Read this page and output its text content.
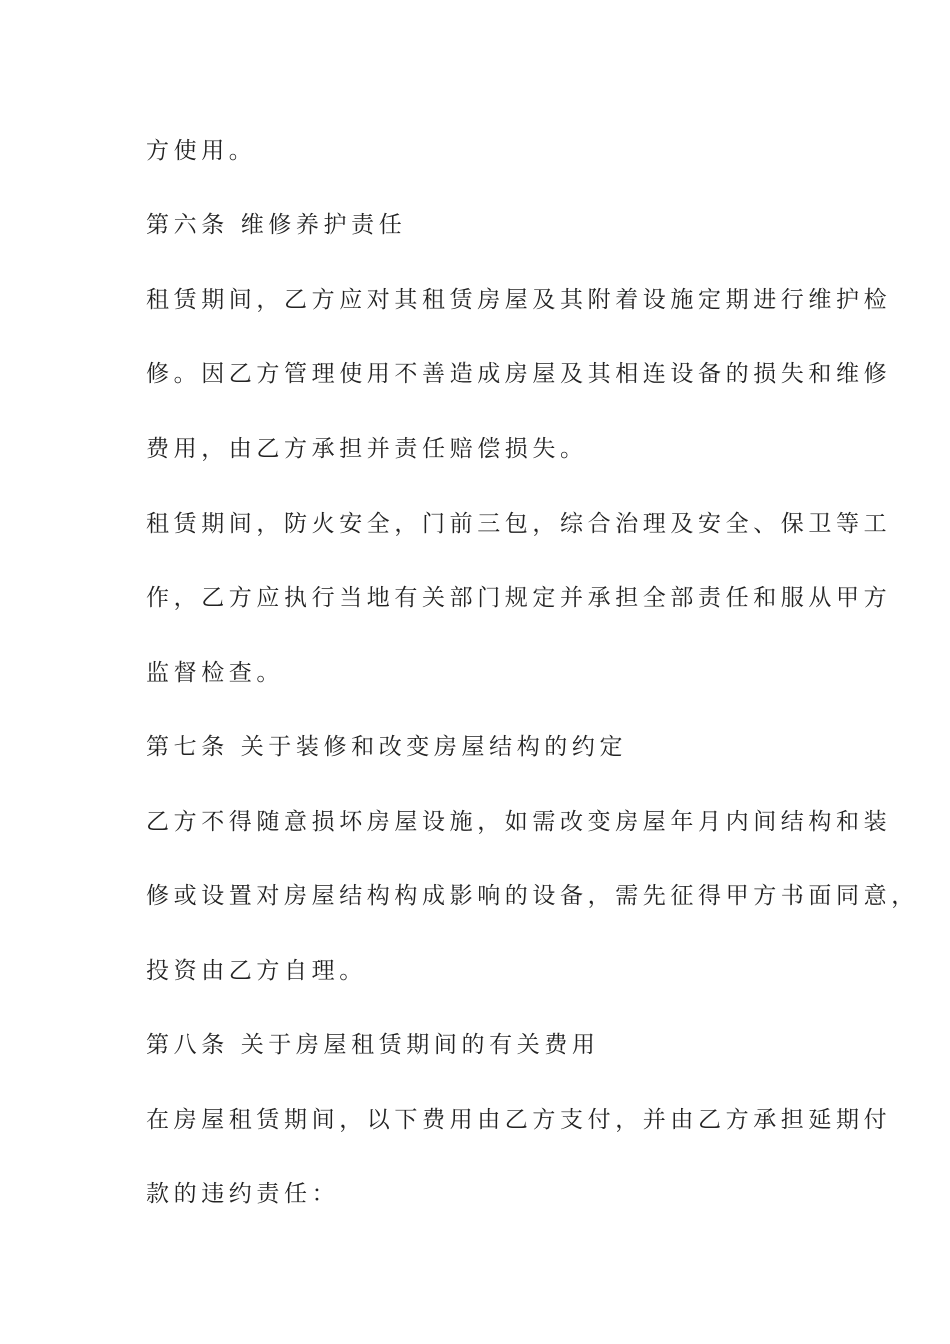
方使用。

第六条 维修养护责任

租赁期间，乙方应对其租赁房屋及其附着设施定期进行维护检

修。因乙方管理使用不善造成房屋及其相连设备的损失和维修

费用，由乙方承担并责任赔偿损失。

租赁期间，防火安全，门前三包，综合治理及安全、保卫等工

作，乙方应执行当地有关部门规定并承担全部责任和服从甲方

监督检查。

第七条 关于装修和改变房屋结构的约定

乙方不得随意损坏房屋设施，如需改变房屋年月内间结构和装

修或设置对房屋结构构成影响的设备，需先征得甲方书面同意，

投资由乙方自理。

第八条 关于房屋租赁期间的有关费用

在房屋租赁期间，以下费用由乙方支付，并由乙方承担延期付

款的违约责任：
